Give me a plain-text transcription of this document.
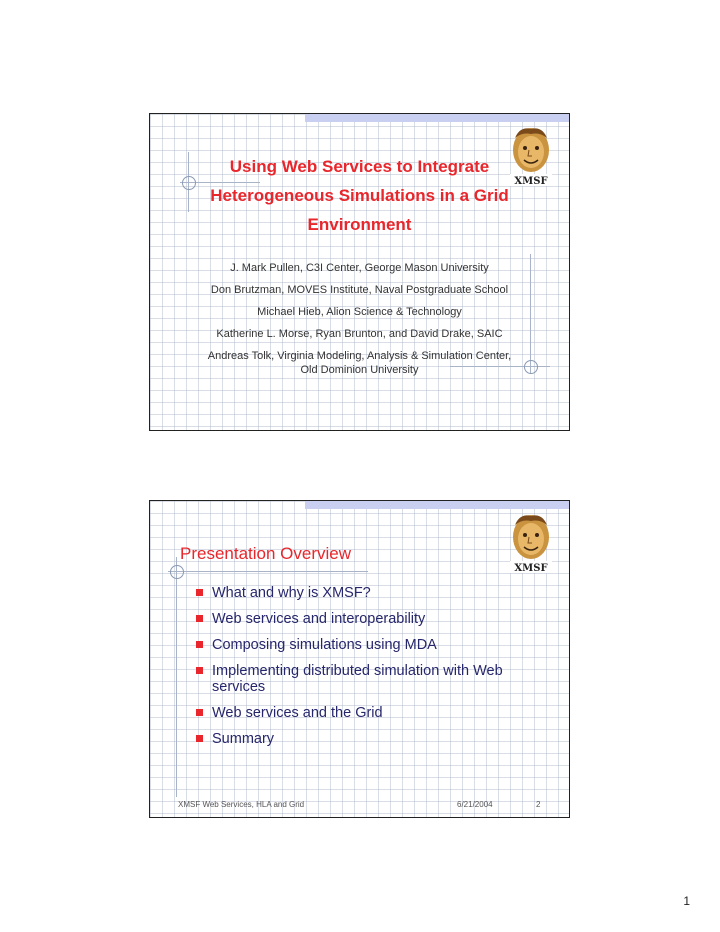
XMSF
Using Web Services to Integrate
Heterogeneous Simulations in a Grid
Environment
J. Mark Pullen, C3I Center, George Mason University
Don Brutzman, MOVES Institute, Naval Postgraduate School
Michael Hieb, Alion Science & Technology
Katherine L. Morse, Ryan Brunton, and David Drake, SAIC
Andreas Tolk, Virginia Modeling, Analysis & Simulation Center,
Old Dominion University
XMSF
Presentation Overview
What and why is XMSF?
Web services and interoperability
Composing simulations using MDA
Implementing distributed simulation with Web services
Web services and the Grid
Summary
XMSF Web Services, HLA and Grid	6/21/2004	2
1
